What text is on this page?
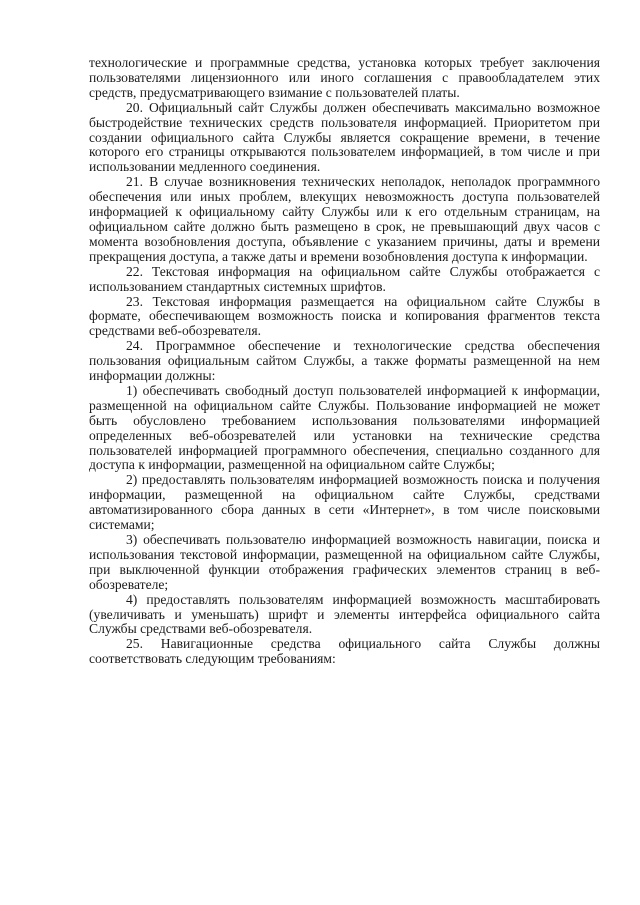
технологические и программные средства, установка которых требует заключения пользователями лицензионного или иного соглашения с правообладателем этих средств, предусматривающего взимание с пользователей платы.

20. Официальный сайт Службы должен обеспечивать максимально возможное быстродействие технических средств пользователя информацией. Приоритетом при создании официального сайта Службы является сокращение времени, в течение которого его страницы открываются пользователем информацией, в том числе и при использовании медленного соединения.

21. В случае возникновения технических неполадок, неполадок программного обеспечения или иных проблем, влекущих невозможность доступа пользователей информацией к официальному сайту Службы или к его отдельным страницам, на официальном сайте должно быть размещено в срок, не превышающий двух часов с момента возобновления доступа, объявление с указанием причины, даты и времени прекращения доступа, а также даты и времени возобновления доступа к информации.

22. Текстовая информация на официальном сайте Службы отображается с использованием стандартных системных шрифтов.

23. Текстовая информация размещается на официальном сайте Службы в формате, обеспечивающем возможность поиска и копирования фрагментов текста средствами веб-обозревателя.

24. Программное обеспечение и технологические средства обеспечения пользования официальным сайтом Службы, а также форматы размещенной на нем информации должны:

1) обеспечивать свободный доступ пользователей информацией к информации, размещенной на официальном сайте Службы. Пользование информацией не может быть обусловлено требованием использования пользователями информацией определенных веб-обозревателей или установки на технические средства пользователей информацией программного обеспечения, специально созданного для доступа к информации, размещенной на официальном сайте Службы;

2) предоставлять пользователям информацией возможность поиска и получения информации, размещенной на официальном сайте Службы, средствами автоматизированного сбора данных в сети «Интернет», в том числе поисковыми системами;

3) обеспечивать пользователю информацией возможность навигации, поиска и использования текстовой информации, размещенной на официальном сайте Службы, при выключенной функции отображения графических элементов страниц в веб-обозревателе;

4) предоставлять пользователям информацией возможность масштабировать (увеличивать и уменьшать) шрифт и элементы интерфейса официального сайта Службы средствами веб-обозревателя.

25. Навигационные средства официального сайта Службы должны соответствовать следующим требованиям:
